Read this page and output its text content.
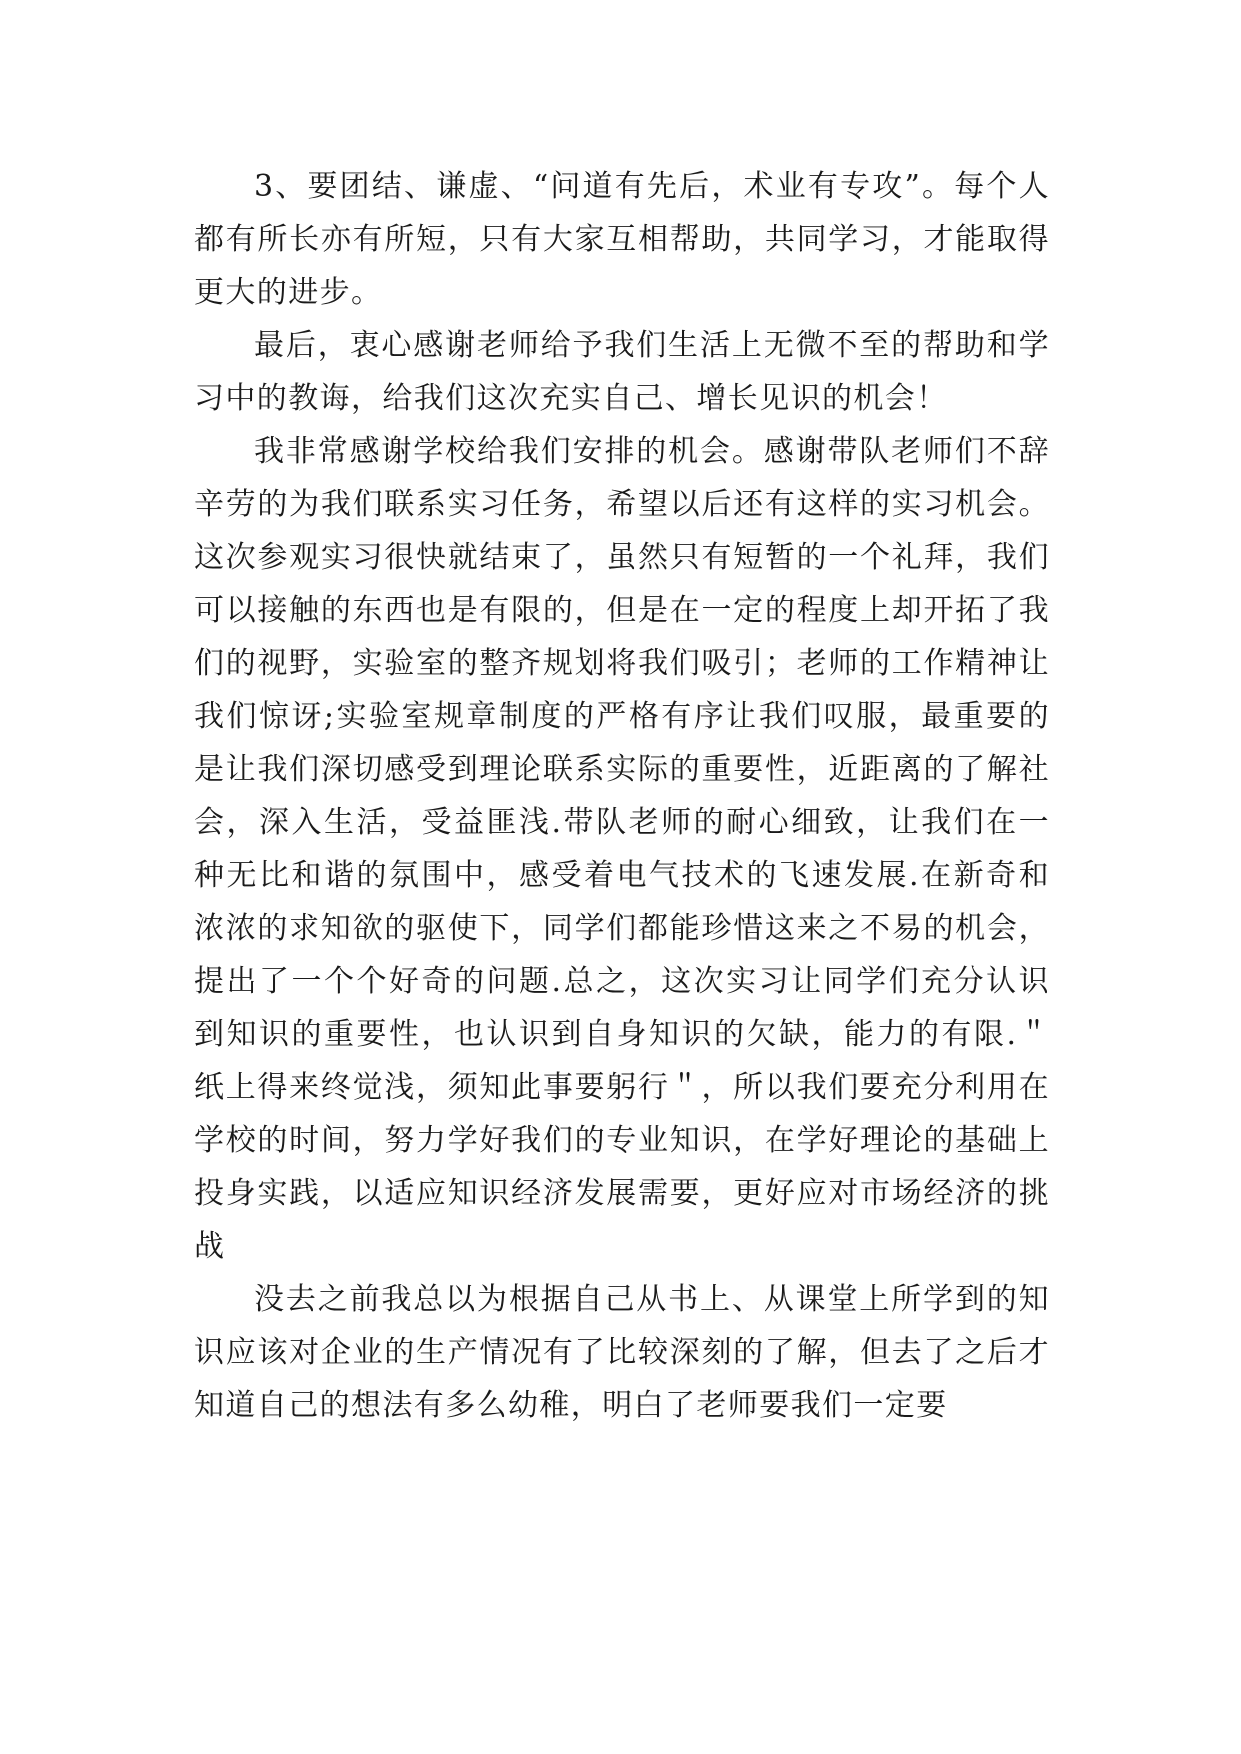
3、要团结、谦虚、“问道有先后，术业有专攻”。每个人都有所长亦有所短，只有大家互相帮助，共同学习，才能取得更大的进步。

最后，衷心感谢老师给予我们生活上无微不至的帮助和学习中的教诲，给我们这次充实自己、增长见识的机会！

我非常感谢学校给我们安排的机会。感谢带队老师们不辞辛劳的为我们联系实习任务，希望以后还有这样的实习机会。这次参观实习很快就结束了，虽然只有短暂的一个礼拜，我们可以接触的东西也是有限的，但是在一定的程度上却开拓了我们的视野，实验室的整齐规划将我们吸引；老师的工作精神让我们惊讶;实验室规章制度的严格有序让我们叹服，最重要的是让我们深切感受到理论联系实际的重要性，近距离的了解社会，深入生活，受益匪浅.带队老师的耐心细致，让我们在一种无比和谐的氛围中，感受着电气技术的飞速发展.在新奇和浓浓的求知欲的驱使下，同学们都能珍惜这来之不易的机会，提出了一个个好奇的问题.总之，这次实习让同学们充分认识到知识的重要性，也认识到自身知识的欠缺，能力的有限.＂纸上得来终觉浅，须知此事要躬行＂，所以我们要充分利用在学校的时间，努力学好我们的专业知识，在学好理论的基础上投身实践，以适应知识经济发展需要，更好应对市场经济的挑战

没去之前我总以为根据自己从书上、从课堂上所学到的知识应该对企业的生产情况有了比较深刻的了解，但去了之后才知道自己的想法有多么幼稚，明白了老师要我们一定要
